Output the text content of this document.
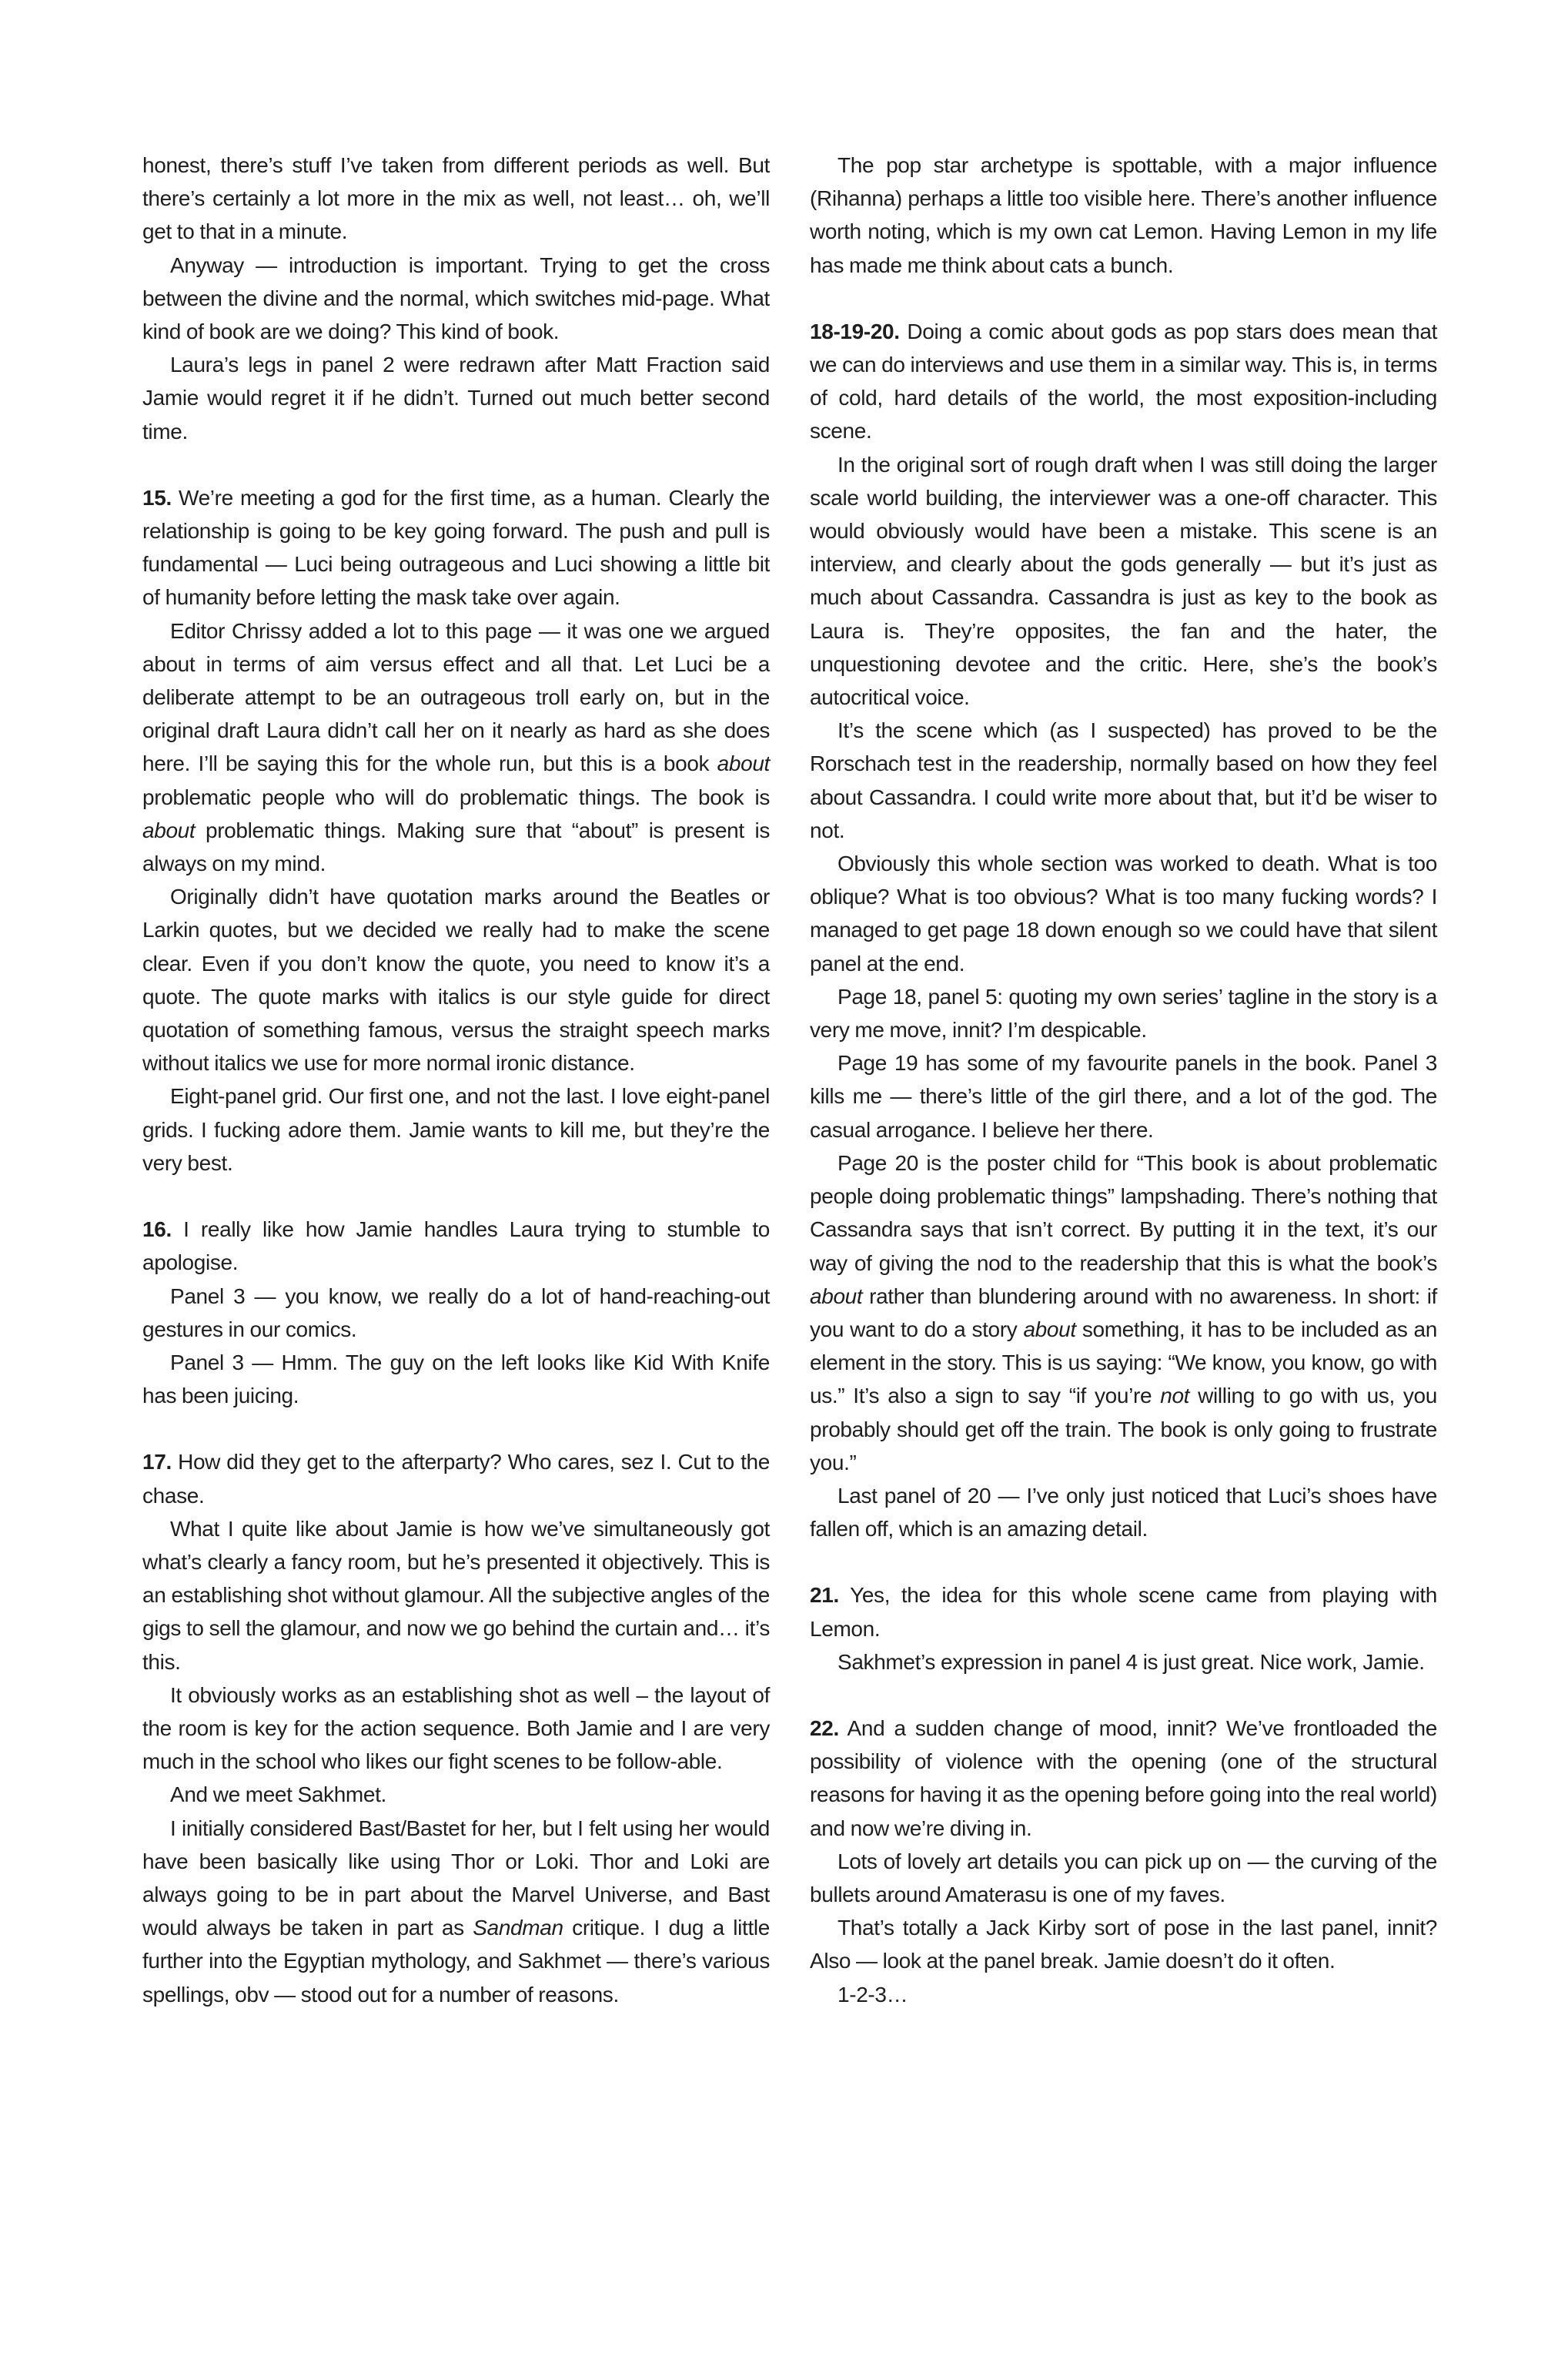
honest, there’s stuff I’ve taken from different periods as well. But there’s certainly a lot more in the mix as well, not least… oh, we’ll get to that in a minute.

Anyway — introduction is important. Trying to get the cross between the divine and the normal, which switches mid-page. What kind of book are we doing? This kind of book.

Laura’s legs in panel 2 were redrawn after Matt Fraction said Jamie would regret it if he didn’t. Turned out much better second time.

15. We’re meeting a god for the first time, as a human. Clearly the relationship is going to be key going forward. The push and pull is fundamental — Luci being outrageous and Luci showing a little bit of humanity before letting the mask take over again.

Editor Chrissy added a lot to this page — it was one we argued about in terms of aim versus effect and all that. Let Luci be a deliberate attempt to be an outrageous troll early on, but in the original draft Laura didn’t call her on it nearly as hard as she does here. I’ll be saying this for the whole run, but this is a book about problematic people who will do problematic things. The book is about problematic things. Making sure that “about” is present is always on my mind.

Originally didn’t have quotation marks around the Beatles or Larkin quotes, but we decided we really had to make the scene clear. Even if you don’t know the quote, you need to know it’s a quote. The quote marks with italics is our style guide for direct quotation of something famous, versus the straight speech marks without italics we use for more normal ironic distance.

Eight-panel grid. Our first one, and not the last. I love eight-panel grids. I fucking adore them. Jamie wants to kill me, but they’re the very best.

16. I really like how Jamie handles Laura trying to stumble to apologise.

Panel 3 — you know, we really do a lot of hand-reaching-out gestures in our comics.

Panel 3 — Hmm. The guy on the left looks like Kid With Knife has been juicing.

17. How did they get to the afterparty? Who cares, sez I. Cut to the chase.

What I quite like about Jamie is how we’ve simultaneously got what’s clearly a fancy room, but he’s presented it objectively. This is an establishing shot without glamour. All the subjective angles of the gigs to sell the glamour, and now we go behind the curtain and… it’s this.

It obviously works as an establishing shot as well – the layout of the room is key for the action sequence. Both Jamie and I are very much in the school who likes our fight scenes to be follow-able.

And we meet Sakhmet.

I initially considered Bast/Bastet for her, but I felt using her would have been basically like using Thor or Loki. Thor and Loki are always going to be in part about the Marvel Universe, and Bast would always be taken in part as Sandman critique. I dug a little further into the Egyptian mythology, and Sakhmet — there’s various spellings, obv — stood out for a number of reasons.

The pop star archetype is spottable, with a major influence (Rihanna) perhaps a little too visible here. There’s another influence worth noting, which is my own cat Lemon. Having Lemon in my life has made me think about cats a bunch.

18-19-20. Doing a comic about gods as pop stars does mean that we can do interviews and use them in a similar way. This is, in terms of cold, hard details of the world, the most exposition-including scene.

In the original sort of rough draft when I was still doing the larger scale world building, the interviewer was a one-off character. This would obviously would have been a mistake. This scene is an interview, and clearly about the gods generally — but it’s just as much about Cassandra. Cassandra is just as key to the book as Laura is. They’re opposites, the fan and the hater, the unquestioning devotee and the critic. Here, she’s the book’s autocritical voice.

It’s the scene which (as I suspected) has proved to be the Rorschach test in the readership, normally based on how they feel about Cassandra. I could write more about that, but it’d be wiser to not.

Obviously this whole section was worked to death. What is too oblique? What is too obvious? What is too many fucking words? I managed to get page 18 down enough so we could have that silent panel at the end.

Page 18, panel 5: quoting my own series’ tagline in the story is a very me move, innit? I’m despicable.

Page 19 has some of my favourite panels in the book. Panel 3 kills me — there’s little of the girl there, and a lot of the god. The casual arrogance. I believe her there.

Page 20 is the poster child for “This book is about problematic people doing problematic things” lampshading. There’s nothing that Cassandra says that isn’t correct. By putting it in the text, it’s our way of giving the nod to the readership that this is what the book’s about rather than blundering around with no awareness. In short: if you want to do a story about something, it has to be included as an element in the story. This is us saying: “We know, you know, go with us.” It’s also a sign to say “if you’re not willing to go with us, you probably should get off the train. The book is only going to frustrate you.”

Last panel of 20 — I’ve only just noticed that Luci’s shoes have fallen off, which is an amazing detail.

21. Yes, the idea for this whole scene came from playing with Lemon.

Sakhmet’s expression in panel 4 is just great. Nice work, Jamie.

22. And a sudden change of mood, innit? We’ve frontloaded the possibility of violence with the opening (one of the structural reasons for having it as the opening before going into the real world) and now we’re diving in.

Lots of lovely art details you can pick up on — the curving of the bullets around Amaterasu is one of my faves.

That’s totally a Jack Kirby sort of pose in the last panel, innit? Also — look at the panel break. Jamie doesn’t do it often.

1-2-3…
